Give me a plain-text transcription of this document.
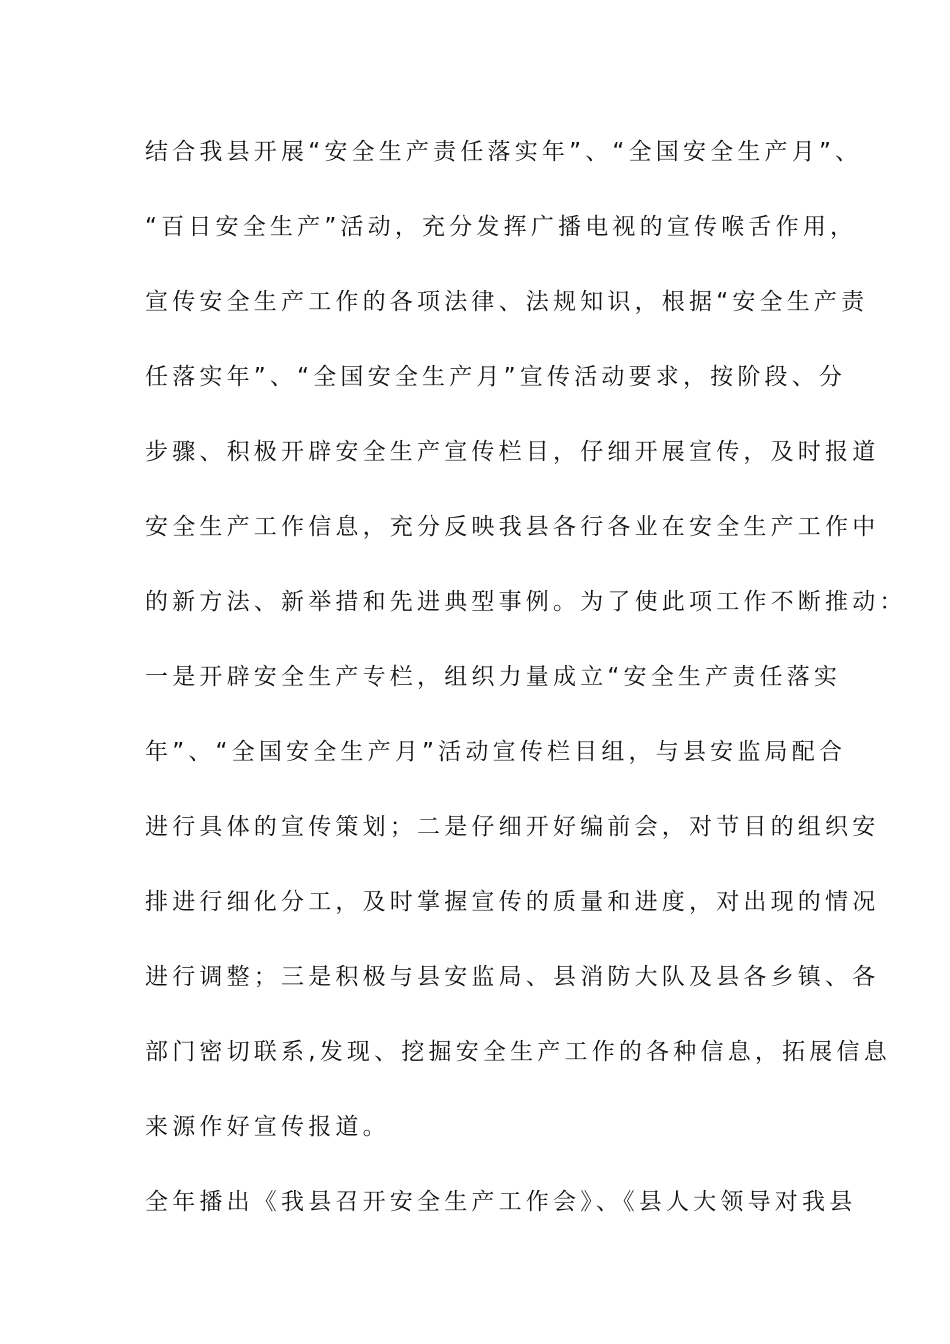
结合我县开展“安全生产责任落实年”、“全国安全生产月”、
“百日安全生产”活动，充分发挥广播电视的宣传喉舌作用，
宣传安全生产工作的各项法律、法规知识，根据“安全生产责
任落实年”、“全国安全生产月”宣传活动要求，按阶段、分
步骤、积极开辟安全生产宣传栏目，仔细开展宣传，及时报道
安全生产工作信息，充分反映我县各行各业在安全生产工作中
的新方法、新举措和先进典型事例。为了使此项工作不断推动：
一是开辟安全生产专栏，组织力量成立“安全生产责任落实
年”、“全国安全生产月”活动宣传栏目组，与县安监局配合
进行具体的宣传策划；二是仔细开好编前会，对节目的组织安
排进行细化分工，及时掌握宣传的质量和进度，对出现的情况
进行调整；三是积极与县安监局、县消防大队及县各乡镇、各
部门密切联系,发现、挖掘安全生产工作的各种信息，拓展信息
来源作好宣传报道。
全年播出《我县召开安全生产工作会》、《县人大领导对我县
